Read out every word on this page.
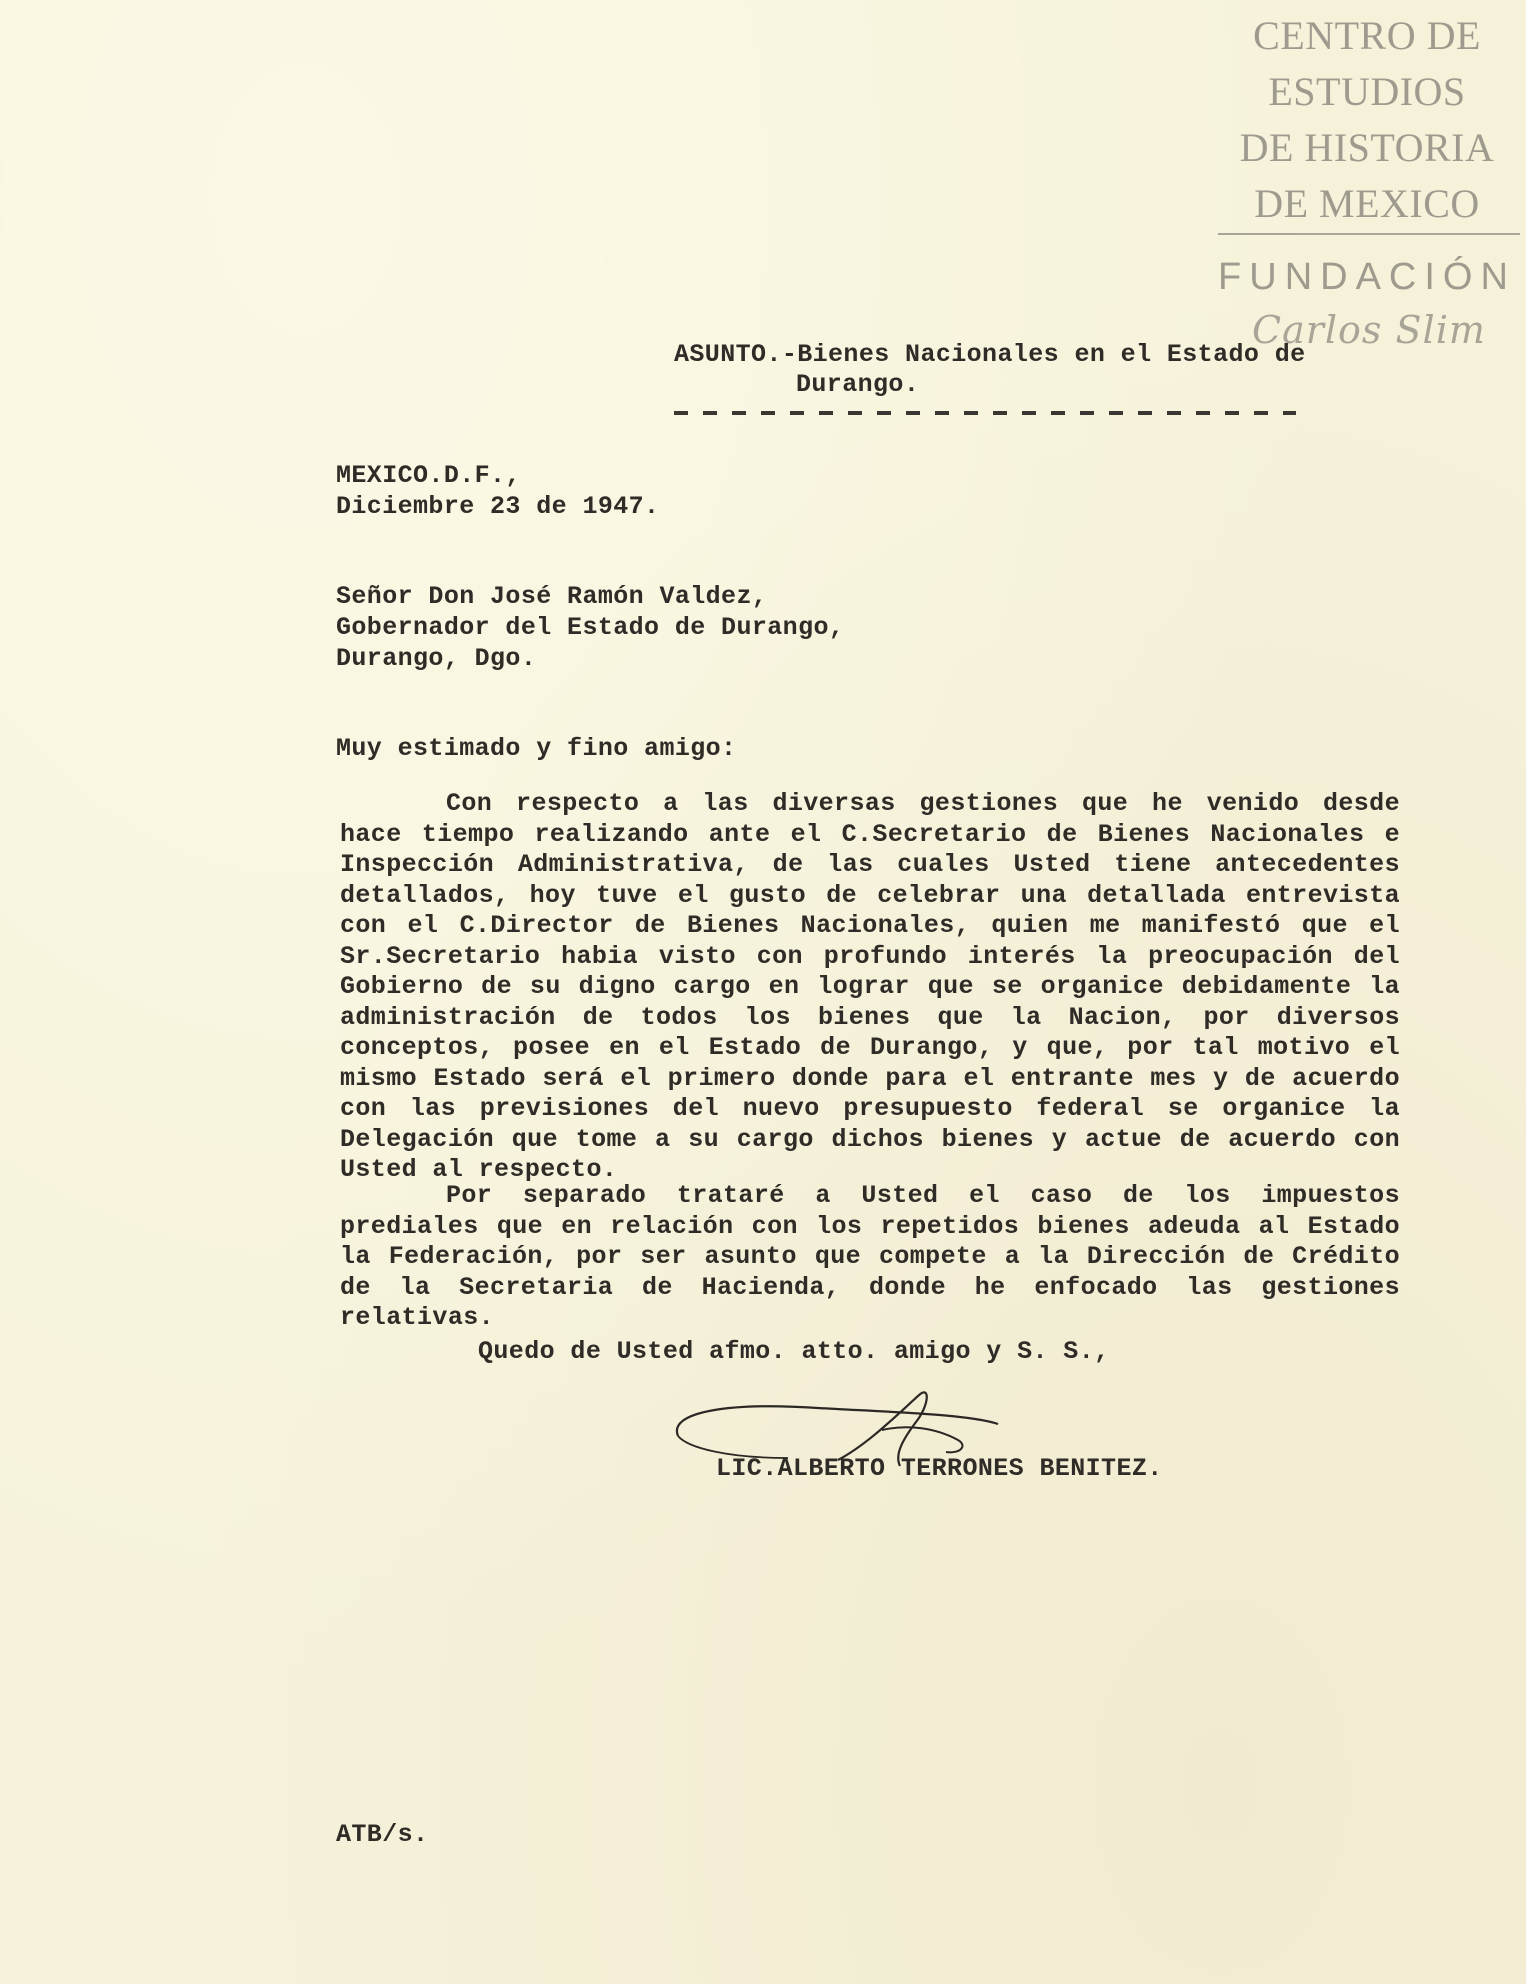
CENTRO DE
ESTUDIOS
DE HISTORIA
DE MEXICO
FUNDACIÓN
Carlos Slim

ASUNTO.-Bienes Nacionales en el Estado de

Durango.

MEXICO.D.F.,

Diciembre 23 de 1947.

Señor Don José Ramón Valdez,

Gobernador del Estado de Durango,

Durango, Dgo.

Muy estimado y fino amigo:

Con respecto a las diversas gestiones que he venido desde hace tiempo realizando ante el C.Secretario de Bienes Nacionales e Inspección Administrativa, de las cuales Usted tiene antecedentes detallados, hoy tuve el gusto de celebrar una detallada entrevista con el C.Director de Bienes Nacionales, quien me manifestó que el Sr.Secretario habia visto con profundo interés la preocupación del Gobierno de su digno cargo en lograr que se organice debidamente la administración de todos los bienes que la Nacion, por diversos conceptos, posee en el Estado de Durango, y que, por tal motivo el mismo Estado será el primero donde para el entrante mes y de acuerdo con las previsiones del nuevo presupuesto federal se organice la Delegación que tome a su cargo dichos bienes y actue de acuerdo con Usted al respecto.

Por separado trataré a Usted el caso de los impuestos prediales que en relación con los repetidos bienes adeuda al Estado la Federación, por ser asunto que compete a la Dirección de Crédito de la Secretaria de Hacienda, donde he enfocado las gestiones relativas.

Quedo de Usted afmo. atto. amigo y S. S.,

LIC.ALBERTO TERRONES BENITEZ.

ATB/s.
